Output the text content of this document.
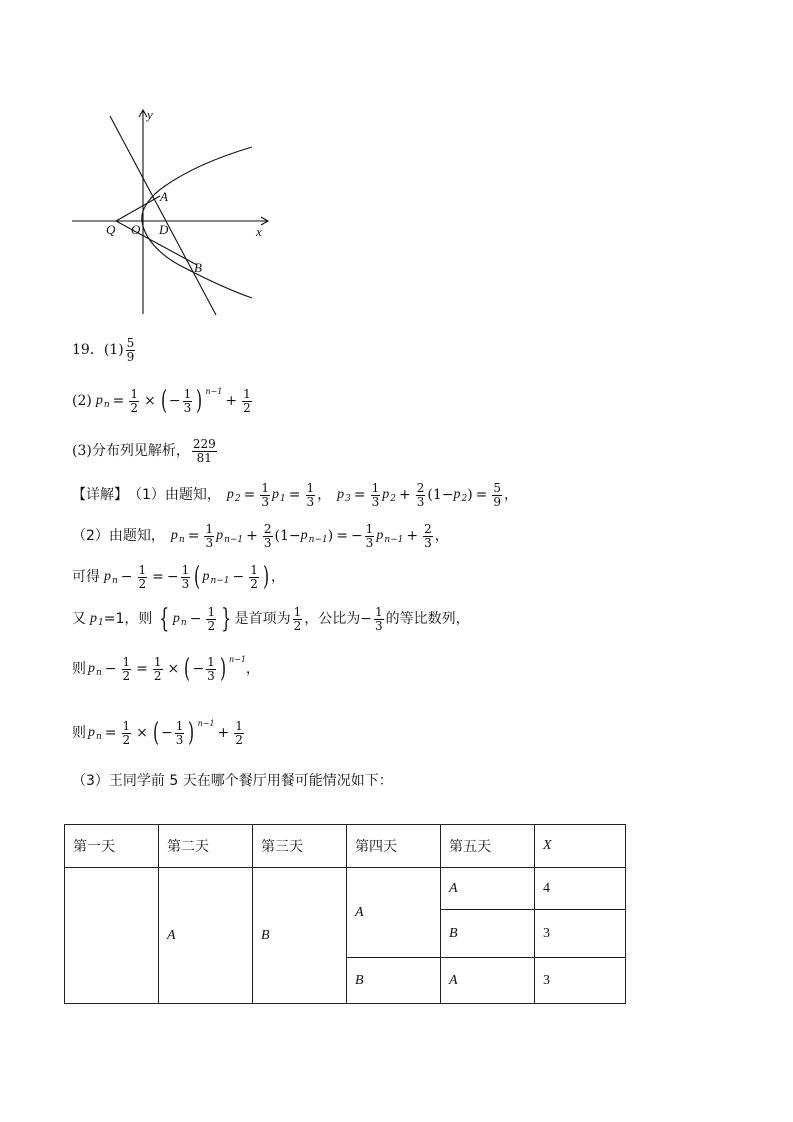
y
x
A
Q O D
B
19． $(1) \frac{5}{9}$
(2) p $n = \frac{1}{2}$ × ( − $\frac{1}{3}$ ) n−1
+ $\frac{1}{2}$
(3) 分布列见解析， $\frac{229}{81}$
【详解】 （1）由题知， p $2 = \frac{1}{3}$ p $1 = \frac{1}{3}$ ， p $3 = \frac{1}{3}$ p $2 + \frac{2}{3} (1- p$ 2 ) = $\frac{5}{9}$ ，
（2）由题知， p $n = \frac{1}{3}$ p $n-1 + \frac{2}{3} (1- p$ n−1 ) = − $\frac{1}{3}$ p $n-1 + \frac{2}{3}$ ，
可得 p $n - \frac{1}{2}$ = − $\frac{1}{3}$ ( p $n-1 - \frac{1}{2}$ ) ，
又 p 1 =1，则 { p $n - \frac{1}{2}$ } 是首项为 $\frac{1}{2}$ ，公比为 − $\frac{1}{3}$ 的等比数列，
则 p $n - \frac{1}{2} = \frac{1}{2}$ × ( − $\frac{1}{3}$ ) n−1
，
则 p $n = \frac{1}{2}$ × ( − $\frac{1}{3}$ ) n−1
+ $\frac{1}{2}$
（3）王同学前 5 天在哪个餐厅用餐可能情况如下：
第一天	第二天	第三天	第四天	第五天	X
	A	B	A	A	4
				B	3
			B	A	3
